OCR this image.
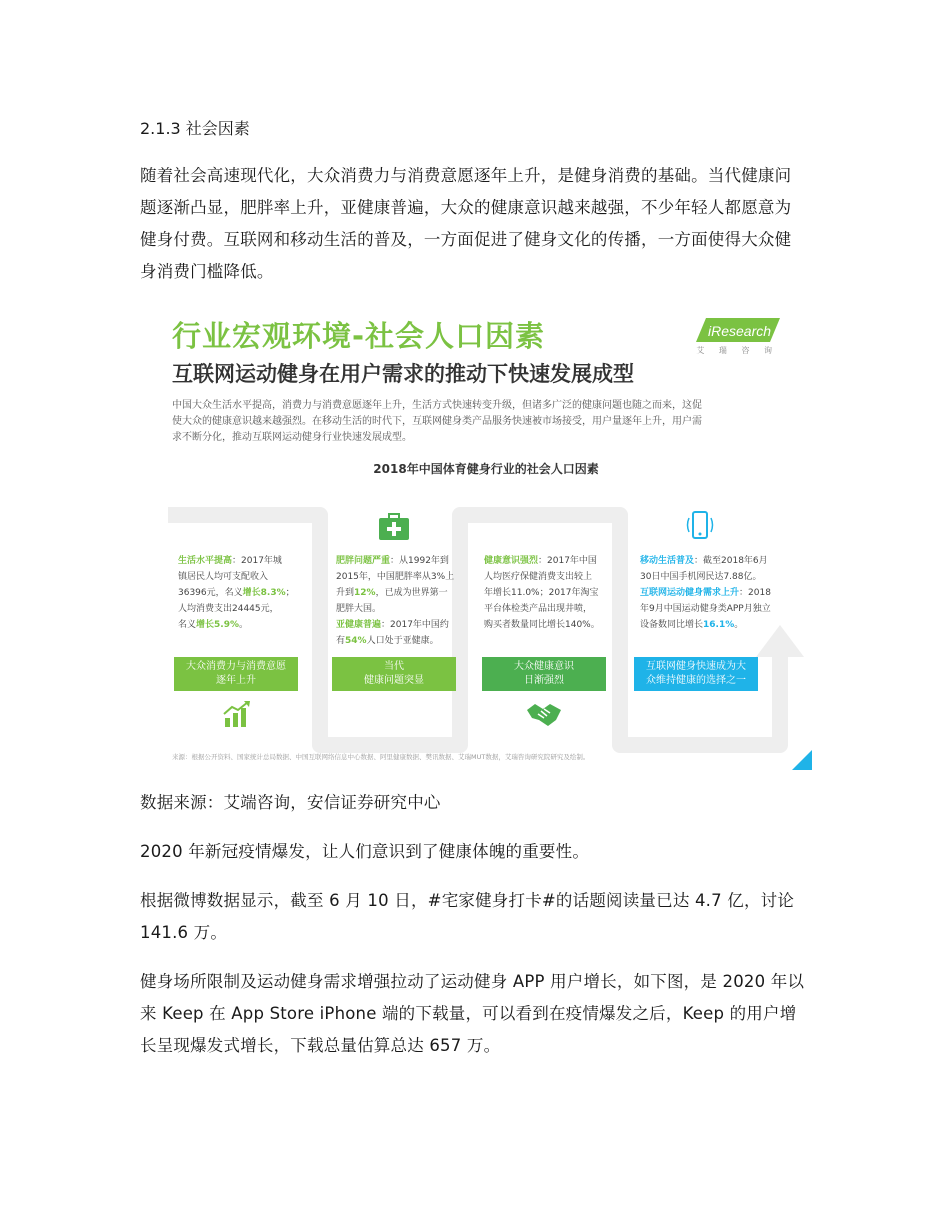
2.1.3 社会因素
随着社会高速现代化，大众消费力与消费意愿逐年上升，是健身消费的基础。当代健康问
题逐渐凸显，肥胖率上升，亚健康普遍，大众的健康意识越来越强，不少年轻人都愿意为
健身付费。互联网和移动生活的普及，一方面促进了健身文化的传播，一方面使得大众健
身消费门槛降低。
行业宏观环境-社会人口因素
互联网运动健身在用户需求的推动下快速发展成型
iResearch
艾 瑞 咨 询
中国大众生活水平提高，消费力与消费意愿逐年上升，生活方式快速转变升级，但诸多广泛的健康问题也随之而来，这促
使大众的健康意识越来越强烈。在移动生活的时代下，互联网健身类产品服务快速被市场接受，用户量逐年上升，用户需
求不断分化，推动互联网运动健身行业快速发展成型。
2018年中国体育健身行业的社会人口因素
生活水平提高：2017年城
镇居民人均可支配收入
36396元，名义增长8.3%；
人均消费支出24445元，
名义增长5.9%。
大众消费力与消费意愿
逐年上升
肥胖问题严重：从1992年到
2015年，中国肥胖率从3%上
升到12%，已成为世界第一
肥胖大国。
亚健康普遍：2017年中国约
有54%人口处于亚健康。
当代
健康问题突显
健康意识强烈：2017年中国
人均医疗保健消费支出较上
年增长11.0%；2017年淘宝
平台体检类产品出现井喷，
购买者数量同比增长140%。
大众健康意识
日渐强烈
移动生活普及：截至2018年6月
30日中国手机网民达7.88亿。
互联网运动健身需求上升：2018
年9月中国运动健身类APP月独立
设备数同比增长16.1%。
互联网健身快速成为大
众维持健康的选择之一
来源：根据公开资料、国家统计总局数据、中国互联网络信息中心数据、阿里健康数据、樊讯数据、艾瑞MUT数据，艾瑞咨询研究院研究及绘制。
数据来源：艾端咨询，安信证券研究中心
2020 年新冠疫情爆发，让人们意识到了健康体魄的重要性。
根据微博数据显示，截至 6 月 10 日，#宅家健身打卡#的话题阅读量已达 4.7 亿，讨论
141.6 万。
健身场所限制及运动健身需求增强拉动了运动健身 APP 用户增长，如下图，是 2020 年以
来 Keep 在 App Store iPhone 端的下载量，可以看到在疫情爆发之后，Keep 的用户增
长呈现爆发式增长，下载总量估算总达 657 万。
